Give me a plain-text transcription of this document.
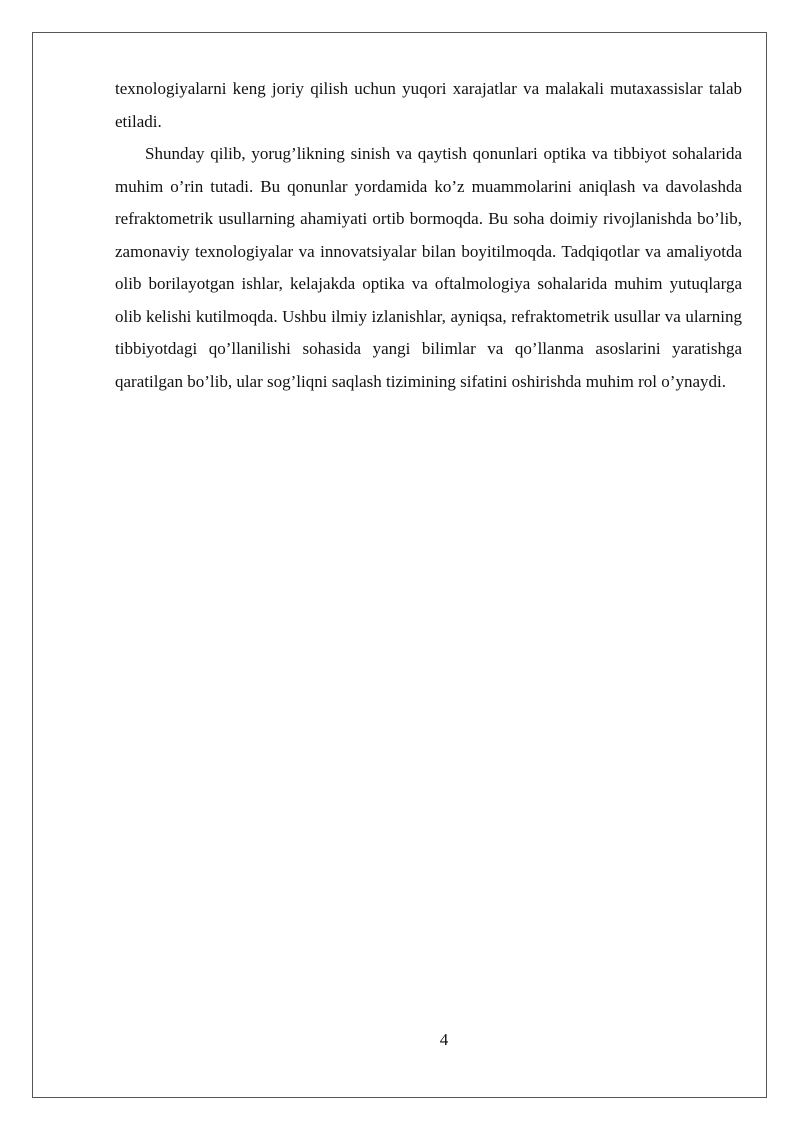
texnologiyalarni keng joriy qilish uchun yuqori xarajatlar va malakali mutaxassislar talab etiladi.

Shunday qilib, yorug’likning sinish va qaytish qonunlari optika va tibbiyot sohalarida muhim o’rin tutadi. Bu qonunlar yordamida ko’z muammolarini aniqlash va davolashda refraktometrik usullarning ahamiyati ortib bormoqda. Bu soha doimiy rivojlanishda bo’lib, zamonaviy texnologiyalar va innovatsiyalar bilan boyitilmoqda. Tadqiqotlar va amaliyotda olib borilayotgan ishlar, kelajakda optika va oftalmologiya sohalarida muhim yutuqlarga olib kelishi kutilmoqda. Ushbu ilmiy izlanishlar, ayniqsa, refraktometrik usullar va ularning tibbiyotdagi qo’llanilishi sohasida yangi bilimlar va qo’llanma asoslarini yaratishga qaratilgan bo’lib, ular sog’liqni saqlash tizimining sifatini oshirishda muhim rol o’ynaydi.

4
